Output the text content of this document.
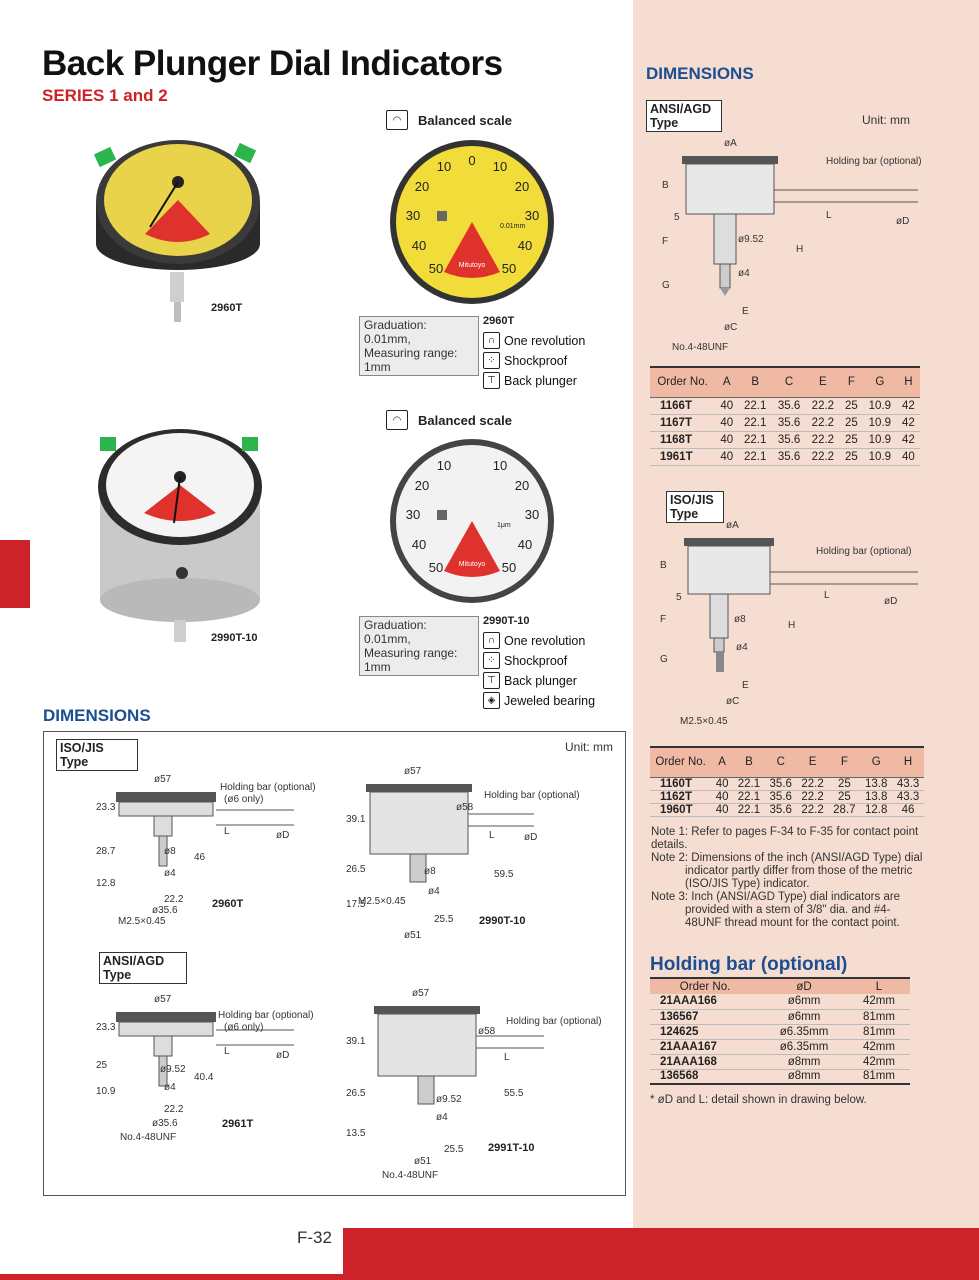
F-32
Back Plunger Dial Indicators
SERIES 1 and 2
2960T
2990T-10
◠	Balanced scale
0
10	10
20	20
30	30
40	40
50	50
0.01mm
Mitutoyo
Graduation: 0.01mm,
Measuring range: 1mm
2960T
∩ One revolution
⁘ Shockproof
⊤ Back plunger
◠	Balanced scale
10	10
20	20
30	30
40	40
50	50
1μm
Mitutoyo
Graduation: 0.01mm,
Measuring range: 1mm
2990T-10
∩ One revolution
⁘ Shockproof
⊤ Back plunger
◈ Jeweled bearing
DIMENSIONS
ISO/JIS
Type
Unit: mm
ANSI/AGD
Type
ø57
Holding bar (optional)
(ø6 only)
L	øD
23.3
28.7
12.8
46
ø8
ø4
22.2
ø35.6
M2.5×0.45
2960T
ø57
ø58
Holding bar (optional)
L	øD
39.1
26.5
17.5
59.5
ø8
ø4
M2.5×0.45
25.5
ø51
2990T-10
ø57
Holding bar (optional)
(ø6 only)
L	øD
23.3
25
10.9
40.4
ø9.52
ø4
22.2
ø35.6
No.4-48UNF
2961T
ø57
ø58
Holding bar (optional)
L
39.1
26.5
13.5
55.5
ø9.52
ø4
25.5
ø51
No.4-48UNF
2991T-10
DIMENSIONS
ANSI/AGD
Type	Unit: mm
øA
B
5
F
G
H
L
øD
ø9.52
ø4
E
øC
Holding bar (optional)
No.4-48UNF
Order No.	A	B	C	E	F	G	H
1166T	40	22.1	35.6	22.2	25	10.9	42
1167T	40	22.1	35.6	22.2	25	10.9	42
1168T	40	22.1	35.6	22.2	25	10.9	42
1961T	40	22.1	35.6	22.2	25	10.9	40
ISO/JIS
Type
øA
B
5
F
G
H
L
øD
ø8
ø4
E
øC
Holding bar (optional)
M2.5×0.45
Order No.	A	B	C	E	F	G	H
1160T	40	22.1	35.6	22.2	25	13.8	43.3
1162T	40	22.1	35.6	22.2	25	13.8	43.3
1960T	40	22.1	35.6	22.2	28.7	12.8	46
Note 1: Refer to pages F-34 to F-35 for contact point details.
Note 2: Dimensions of the inch (ANSI/AGD Type) dial indicator partly differ from those of the metric (ISO/JIS Type) indicator.
Note 3: Inch (ANSI/AGD Type) dial indicators are provided with a stem of 3/8" dia. and #4-48UNF thread mount for the contact point.
Holding bar (optional)
Order No.	øD	L
21AAA166	ø6mm	42mm
136567	ø6mm	81mm
124625	ø6.35mm	81mm
21AAA167	ø6.35mm	42mm
21AAA168	ø8mm	42mm
136568	ø8mm	81mm
* øD and L: detail shown in drawing below.
